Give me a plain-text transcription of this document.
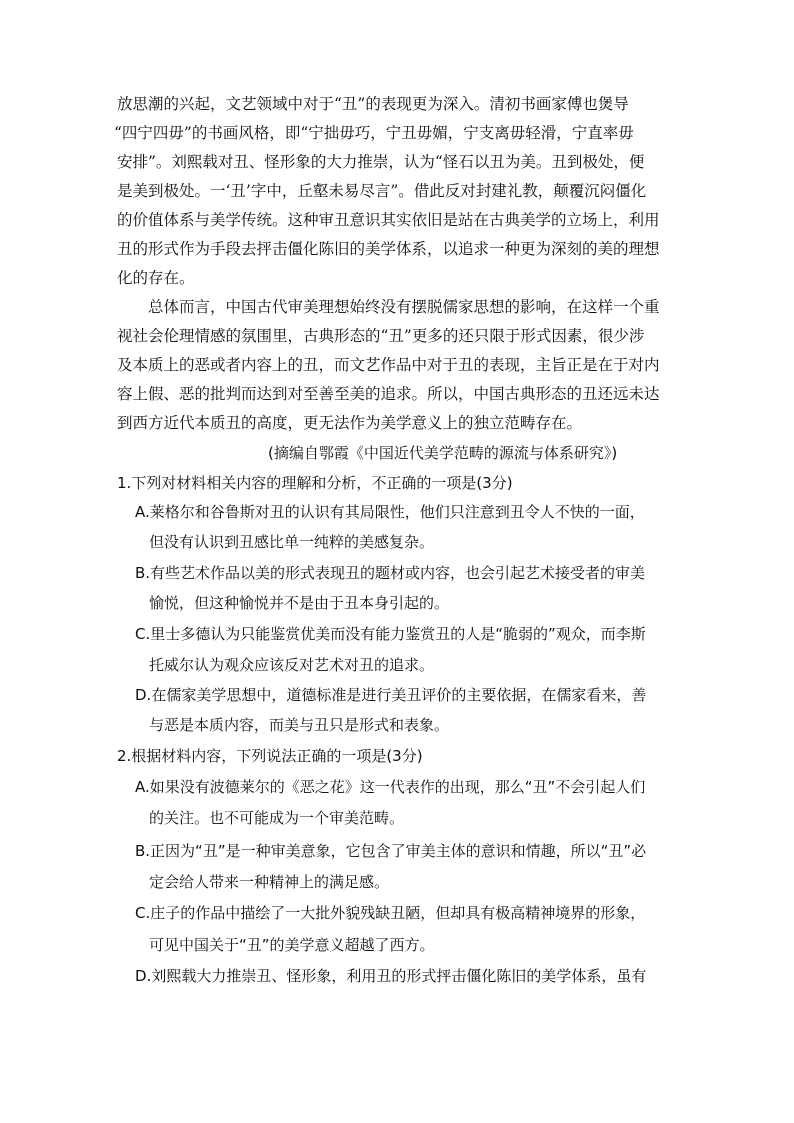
放思潮的兴起，文艺领域中对于“丑”的表现更为深入。清初书画家傅也煲导
“四宁四毋”的书画风格，即“宁拙毋巧，宁丑毋媚，宁支离毋轻滑，宁直率毋
安排”。刘熙载对丑、怪形象的大力推崇，认为“怪石以丑为美。丑到极处，便
是美到极处。一‘丑’字中，丘壑未易尽言”。借此反对封建礼教，颠覆沉闷僵化
的价值体系与美学传统。这种审丑意识其实依旧是站在古典美学的立场上，利用
丑的形式作为手段去抨击僵化陈旧的美学体系，以追求一种更为深刻的美的理想
化的存在。
总体而言，中国古代审美理想始终没有摆脱儒家思想的影响，在这样一个重
视社会伦理情感的氛围里，古典形态的“丑”更多的还只限于形式因素，很少涉
及本质上的恶或者内容上的丑，而文艺作品中对于丑的表现，主旨正是在于对内
容上假、恶的批判而达到对至善至美的追求。所以，中国古典形态的丑还远未达
到西方近代本质丑的高度，更无法作为美学意义上的独立范畴存在。
(摘编自鄂霞《中国近代美学范畴的源流与体系研究》)
1.下列对材料相关内容的理解和分析，不正确的一项是(3分)
A.莱格尔和谷鲁斯对丑的认识有其局限性，他们只注意到丑令人不快的一面，
但没有认识到丑感比单一纯粹的美感复杂。
B.有些艺术作品以美的形式表现丑的题材或内容，也会引起艺术接受者的审美
愉悦，但这种愉悦并不是由于丑本身引起的。
C.里士多德认为只能鉴赏优美而没有能力鉴赏丑的人是“脆弱的”观众，而李斯
托威尔认为观众应该反对艺术对丑的追求。
D.在儒家美学思想中，道德标准是进行美丑评价的主要依据，在儒家看来，善
与恶是本质内容，而美与丑只是形式和表象。
2.根据材料内容，下列说法正确的一项是(3分)
A.如果没有波德莱尔的《恶之花》这一代表作的出现，那么“丑”不会引起人们
的关注。也不可能成为一个审美范畴。
B.正因为“丑”是一种审美意象，它包含了审美主体的意识和情趣，所以“丑”必
定会给人带来一种精神上的满足感。
C.庄子的作品中描绘了一大批外貌残缺丑陋，但却具有极高精神境界的形象，
可见中国关于“丑”的美学意义超越了西方。
D.刘熙载大力推崇丑、怪形象，利用丑的形式抨击僵化陈旧的美学体系，虽有
